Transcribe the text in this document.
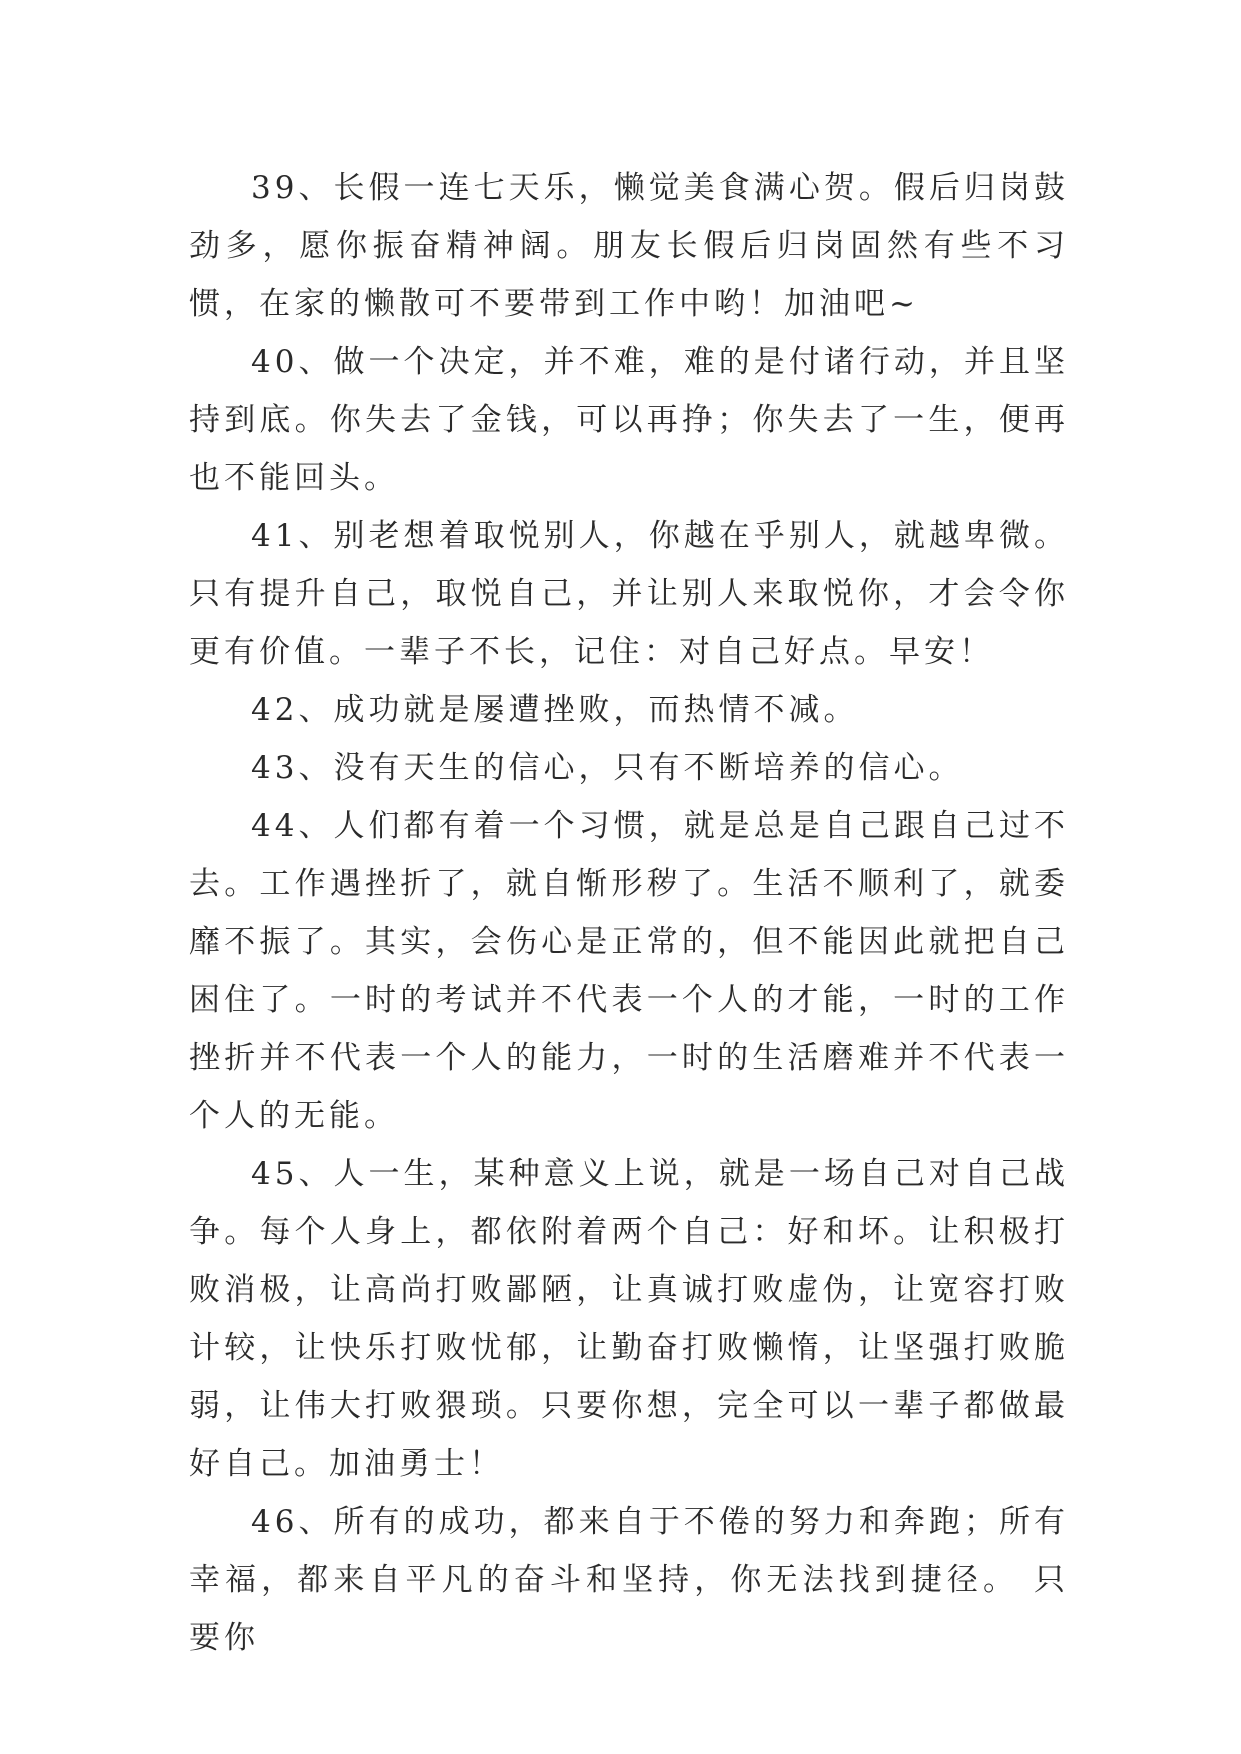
39、长假一连七天乐，懒觉美食满心贺。假后归岗鼓劲多，愿你振奋精神阔。朋友长假后归岗固然有些不习惯，在家的懒散可不要带到工作中哟！加油吧~

40、做一个决定，并不难，难的是付诸行动，并且坚持到底。你失去了金钱，可以再挣；你失去了一生，便再也不能回头。

41、别老想着取悦别人，你越在乎别人，就越卑微。只有提升自己，取悦自己，并让别人来取悦你，才会令你更有价值。一辈子不长，记住：对自己好点。早安！

42、成功就是屡遭挫败，而热情不减。

43、没有天生的信心，只有不断培养的信心。

44、人们都有着一个习惯，就是总是自己跟自己过不去。工作遇挫折了，就自惭形秽了。生活不顺利了，就委靡不振了。其实，会伤心是正常的，但不能因此就把自己困住了。一时的考试并不代表一个人的才能，一时的工作挫折并不代表一个人的能力，一时的生活磨难并不代表一个人的无能。

45、人一生，某种意义上说，就是一场自己对自己战争。每个人身上，都依附着两个自己：好和坏。让积极打败消极，让高尚打败鄙陋，让真诚打败虚伪，让宽容打败计较，让快乐打败忧郁，让勤奋打败懒惰，让坚强打败脆弱，让伟大打败猥琐。只要你想，完全可以一辈子都做最好自己。加油勇士！

46、所有的成功，都来自于不倦的努力和奔跑；所有幸福，都来自平凡的奋斗和坚持，你无法找到捷径。 只要你
